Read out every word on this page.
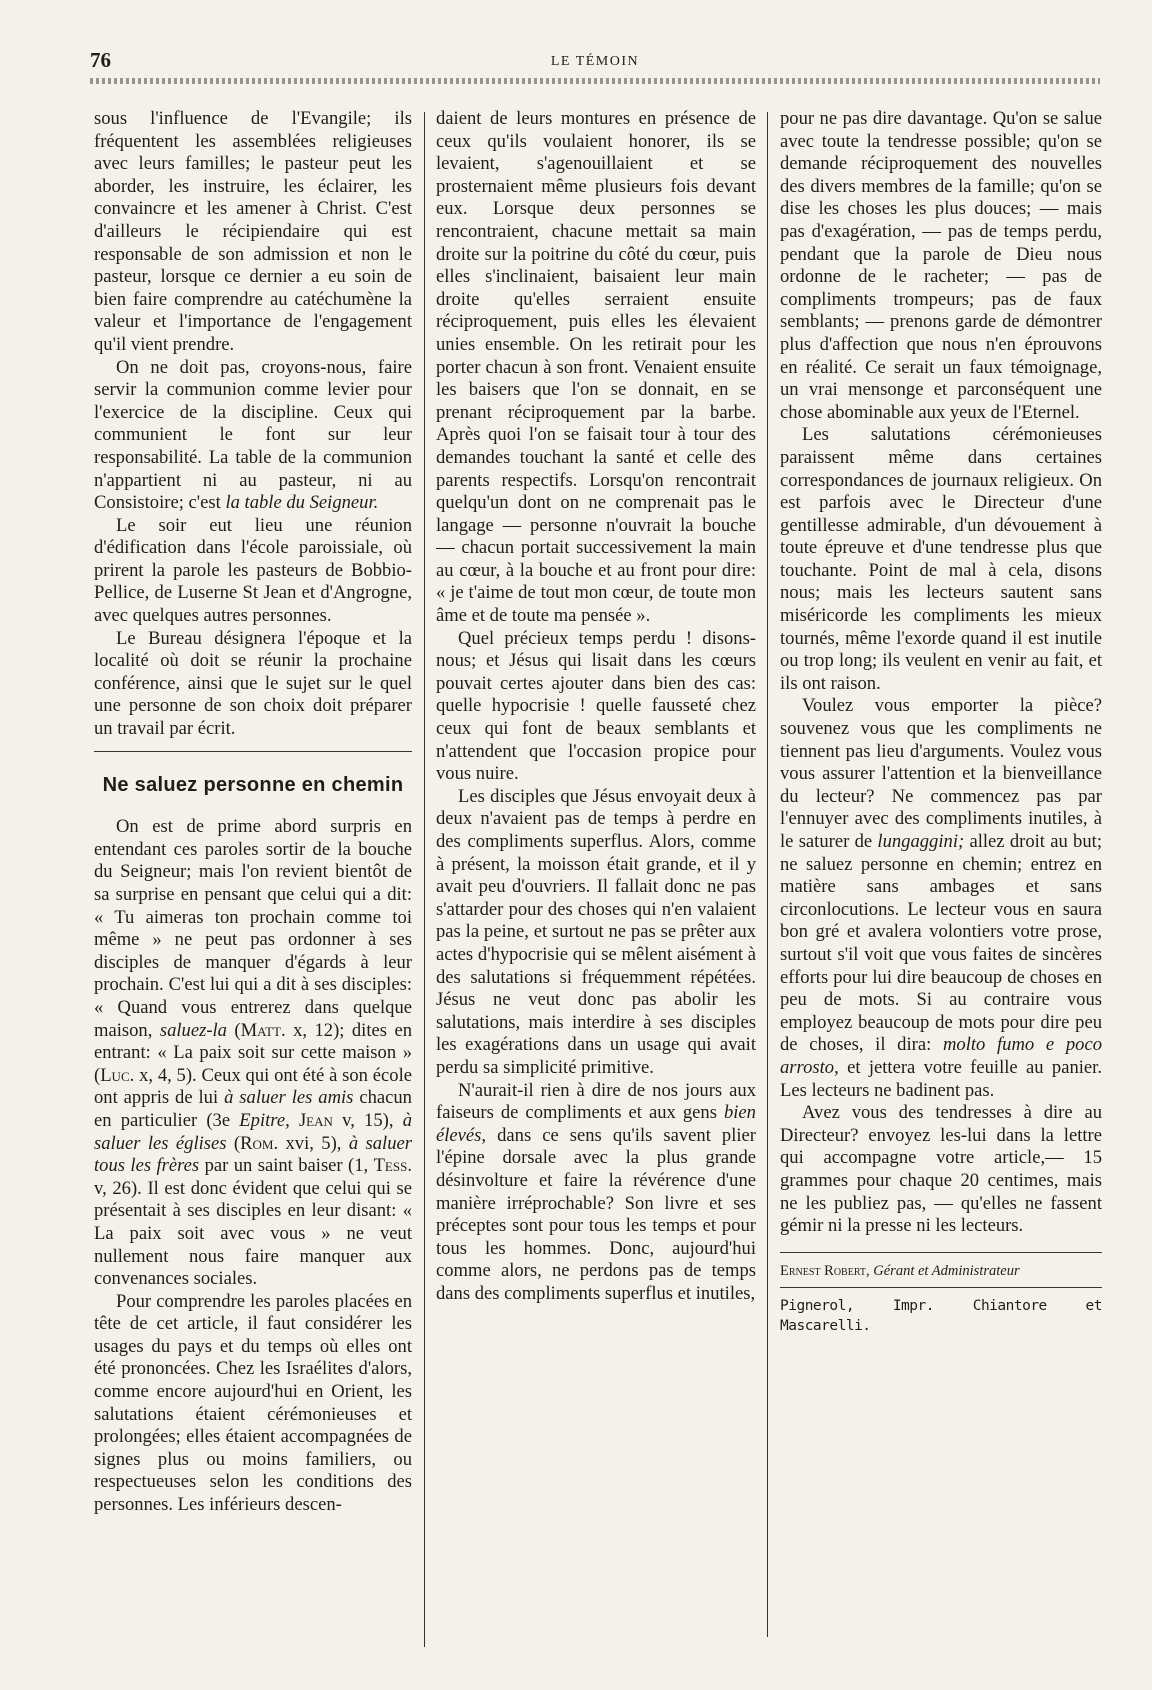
76	LE TÉMOIN

sous l'influence de l'Evangile; ils fréquentent les assemblées religieuses avec leurs familles; le pasteur peut les aborder, les instruire, les éclairer, les convaincre et les amener à Christ. C'est d'ailleurs le récipiendaire qui est responsable de son admission et non le pasteur, lorsque ce dernier a eu soin de bien faire comprendre au catéchumène la valeur et l'importance de l'engagement qu'il vient prendre.

On ne doit pas, croyons-nous, faire servir la communion comme levier pour l'exercice de la discipline. Ceux qui communient le font sur leur responsabilité. La table de la communion n'appartient ni au pasteur, ni au Consistoire; c'est la table du Seigneur.

Le soir eut lieu une réunion d'édification dans l'école paroissiale, où prirent la parole les pasteurs de Bobbio-Pellice, de Luserne St Jean et d'Angrogne, avec quelques autres personnes.

Le Bureau désignera l'époque et la localité où doit se réunir la prochaine conférence, ainsi que le sujet sur le quel une personne de son choix doit préparer un travail par écrit.

Ne saluez personne en chemin

On est de prime abord surpris en entendant ces paroles sortir de la bouche du Seigneur; mais l'on revient bientôt de sa surprise en pensant que celui qui a dit: « Tu aimeras ton prochain comme toi même » ne peut pas ordonner à ses disciples de manquer d'égards à leur prochain. C'est lui qui a dit à ses disciples: « Quand vous entrerez dans quelque maison, saluez-la (Matt. x, 12); dites en entrant: « La paix soit sur cette maison » (Luc. x, 4, 5). Ceux qui ont été à son école ont appris de lui à saluer les amis chacun en particulier (3e Epitre, Jean v, 15), à saluer les églises (Rom. xvi, 5), à saluer tous les frères par un saint baiser (1, Tess. v, 26). Il est donc évident que celui qui se présentait à ses disciples en leur disant: « La paix soit avec vous » ne veut nullement nous faire manquer aux convenances sociales.

Pour comprendre les paroles placées en tête de cet article, il faut considérer les usages du pays et du temps où elles ont été prononcées. Chez les Israélites d'alors, comme encore aujourd'hui en Orient, les salutations étaient cérémonieuses et prolongées; elles étaient accompagnées de signes plus ou moins familiers, ou respectueuses selon les conditions des personnes. Les inférieurs descen-

daient de leurs montures en présence de ceux qu'ils voulaient honorer, ils se levaient, s'agenouillaient et se prosternaient même plusieurs fois devant eux. Lorsque deux personnes se rencontraient, chacune mettait sa main droite sur la poitrine du côté du cœur, puis elles s'inclinaient, baisaient leur main droite qu'elles serraient ensuite réciproquement, puis elles les élevaient unies ensemble. On les retirait pour les porter chacun à son front. Venaient ensuite les baisers que l'on se donnait, en se prenant réciproquement par la barbe. Après quoi l'on se faisait tour à tour des demandes touchant la santé et celle des parents respectifs. Lorsqu'on rencontrait quelqu'un dont on ne comprenait pas le langage — personne n'ouvrait la bouche — chacun portait successivement la main au cœur, à la bouche et au front pour dire: « je t'aime de tout mon cœur, de toute mon âme et de toute ma pensée ».

Quel précieux temps perdu ! disons-nous; et Jésus qui lisait dans les cœurs pouvait certes ajouter dans bien des cas: quelle hypocrisie ! quelle fausseté chez ceux qui font de beaux semblants et n'attendent que l'occasion propice pour vous nuire.

Les disciples que Jésus envoyait deux à deux n'avaient pas de temps à perdre en des compliments superflus. Alors, comme à présent, la moisson était grande, et il y avait peu d'ouvriers. Il fallait donc ne pas s'attarder pour des choses qui n'en valaient pas la peine, et surtout ne pas se prêter aux actes d'hypocrisie qui se mêlent aisément à des salutations si fréquemment répétées. Jésus ne veut donc pas abolir les salutations, mais interdire à ses disciples les exagérations dans un usage qui avait perdu sa simplicité primitive.

N'aurait-il rien à dire de nos jours aux faiseurs de compliments et aux gens bien élevés, dans ce sens qu'ils savent plier l'épine dorsale avec la plus grande désinvolture et faire la révérence d'une manière irréprochable? Son livre et ses préceptes sont pour tous les temps et pour tous les hommes. Donc, aujourd'hui comme alors, ne perdons pas de temps dans des compliments superflus et inutiles,

pour ne pas dire davantage. Qu'on se salue avec toute la tendresse possible; qu'on se demande réciproquement des nouvelles des divers membres de la famille; qu'on se dise les choses les plus douces; — mais pas d'exagération, — pas de temps perdu, pendant que la parole de Dieu nous ordonne de le racheter; — pas de compliments trompeurs; pas de faux semblants; — prenons garde de démontrer plus d'affection que nous n'en éprouvons en réalité. Ce serait un faux témoignage, un vrai mensonge et parconséquent une chose abominable aux yeux de l'Eternel.

Les salutations cérémonieuses paraissent même dans certaines correspondances de journaux religieux. On est parfois avec le Directeur d'une gentillesse admirable, d'un dévouement à toute épreuve et d'une tendresse plus que touchante. Point de mal à cela, disons nous; mais les lecteurs sautent sans miséricorde les compliments les mieux tournés, même l'exorde quand il est inutile ou trop long; ils veulent en venir au fait, et ils ont raison.

Voulez vous emporter la pièce? souvenez vous que les compliments ne tiennent pas lieu d'arguments. Voulez vous vous assurer l'attention et la bienveillance du lecteur? Ne commencez pas par l'ennuyer avec des compliments inutiles, à le saturer de lungaggini; allez droit au but; ne saluez personne en chemin; entrez en matière sans ambages et sans circonlocutions. Le lecteur vous en saura bon gré et avalera volontiers votre prose, surtout s'il voit que vous faites de sincères efforts pour lui dire beaucoup de choses en peu de mots. Si au contraire vous employez beaucoup de mots pour dire peu de choses, il dira: molto fumo e poco arrosto, et jettera votre feuille au panier. Les lecteurs ne badinent pas.

Avez vous des tendresses à dire au Directeur? envoyez les-lui dans la lettre qui accompagne votre article,— 15 grammes pour chaque 20 centimes, mais ne les publiez pas, — qu'elles ne fassent gémir ni la presse ni les lecteurs.

Ernest Robert, Gérant et Administrateur

Pignerol, Impr. Chiantore et Mascarelli.
